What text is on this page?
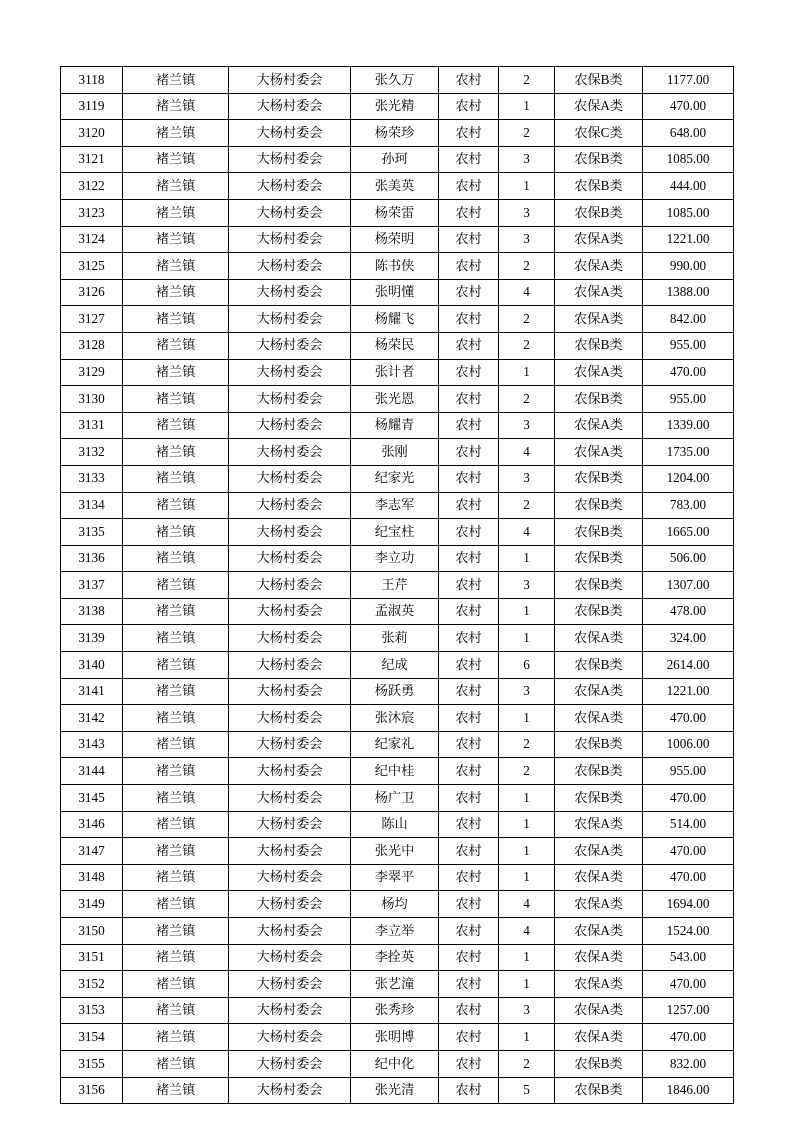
3118	褚兰镇	大杨村委会	张久万	农村	2	农保B类	1177.00
3119	褚兰镇	大杨村委会	张光精	农村	1	农保A类	470.00
3120	褚兰镇	大杨村委会	杨荣珍	农村	2	农保C类	648.00
3121	褚兰镇	大杨村委会	孙珂	农村	3	农保B类	1085.00
3122	褚兰镇	大杨村委会	张美英	农村	1	农保B类	444.00
3123	褚兰镇	大杨村委会	杨荣雷	农村	3	农保B类	1085.00
3124	褚兰镇	大杨村委会	杨荣明	农村	3	农保A类	1221.00
3125	褚兰镇	大杨村委会	陈书侠	农村	2	农保A类	990.00
3126	褚兰镇	大杨村委会	张明懂	农村	4	农保A类	1388.00
3127	褚兰镇	大杨村委会	杨耀飞	农村	2	农保A类	842.00
3128	褚兰镇	大杨村委会	杨荣民	农村	2	农保B类	955.00
3129	褚兰镇	大杨村委会	张计者	农村	1	农保A类	470.00
3130	褚兰镇	大杨村委会	张光恩	农村	2	农保B类	955.00
3131	褚兰镇	大杨村委会	杨耀青	农村	3	农保A类	1339.00
3132	褚兰镇	大杨村委会	张刚	农村	4	农保A类	1735.00
3133	褚兰镇	大杨村委会	纪家光	农村	3	农保B类	1204.00
3134	褚兰镇	大杨村委会	李志军	农村	2	农保B类	783.00
3135	褚兰镇	大杨村委会	纪宝柱	农村	4	农保B类	1665.00
3136	褚兰镇	大杨村委会	李立功	农村	1	农保B类	506.00
3137	褚兰镇	大杨村委会	王芹	农村	3	农保B类	1307.00
3138	褚兰镇	大杨村委会	孟淑英	农村	1	农保B类	478.00
3139	褚兰镇	大杨村委会	张莉	农村	1	农保A类	324.00
3140	褚兰镇	大杨村委会	纪成	农村	6	农保B类	2614.00
3141	褚兰镇	大杨村委会	杨跃勇	农村	3	农保A类	1221.00
3142	褚兰镇	大杨村委会	张沐宸	农村	1	农保A类	470.00
3143	褚兰镇	大杨村委会	纪家礼	农村	2	农保B类	1006.00
3144	褚兰镇	大杨村委会	纪中桂	农村	2	农保B类	955.00
3145	褚兰镇	大杨村委会	杨广卫	农村	1	农保B类	470.00
3146	褚兰镇	大杨村委会	陈山	农村	1	农保A类	514.00
3147	褚兰镇	大杨村委会	张光中	农村	1	农保A类	470.00
3148	褚兰镇	大杨村委会	李翠平	农村	1	农保A类	470.00
3149	褚兰镇	大杨村委会	杨均	农村	4	农保A类	1694.00
3150	褚兰镇	大杨村委会	李立举	农村	4	农保A类	1524.00
3151	褚兰镇	大杨村委会	李拴英	农村	1	农保A类	543.00
3152	褚兰镇	大杨村委会	张艺潼	农村	1	农保A类	470.00
3153	褚兰镇	大杨村委会	张秀珍	农村	3	农保A类	1257.00
3154	褚兰镇	大杨村委会	张明博	农村	1	农保A类	470.00
3155	褚兰镇	大杨村委会	纪中化	农村	2	农保B类	832.00
3156	褚兰镇	大杨村委会	张光清	农村	5	农保B类	1846.00
